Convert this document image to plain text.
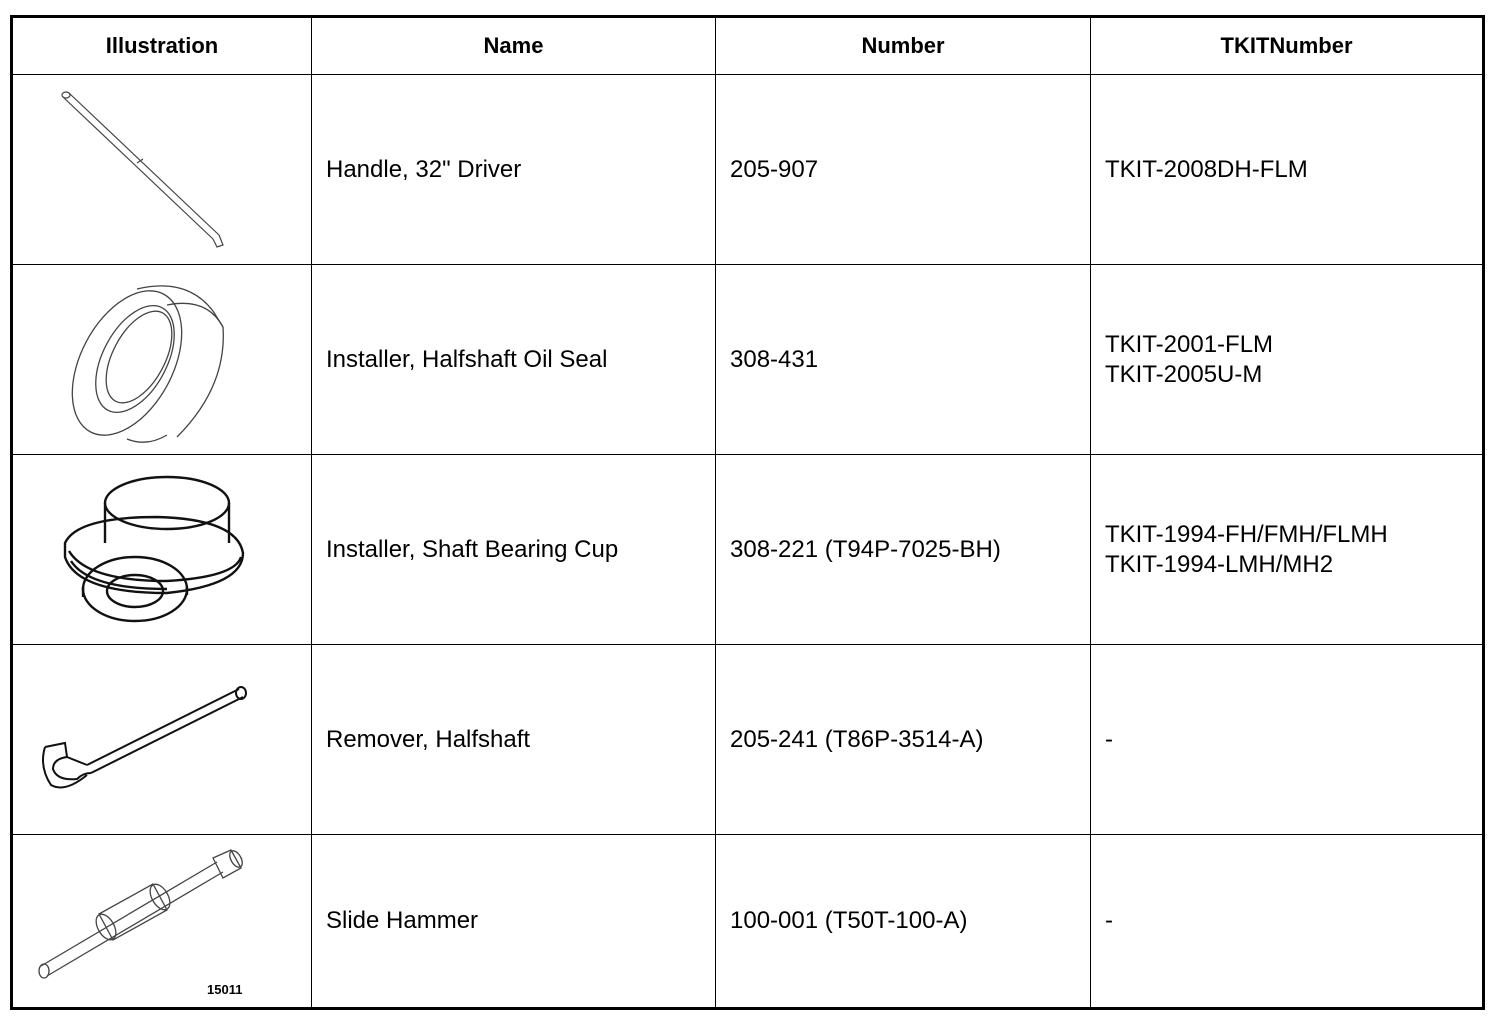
Illustration	Name	Number	TKITNumber

	Handle, 32" Driver	205-907	TKIT-2008DH-FLM

	Installer, Halfshaft Oil Seal	308-431	TKIT-2001-FLM
TKIT-2005U-M

	Installer, Shaft Bearing Cup	308-221 (T94P-7025-BH)	TKIT-1994-FH/FMH/FLMH
TKIT-1994-LMH/MH2

	Remover, Halfshaft	205-241 (T86P-3514-A)	-

15011	Slide Hammer	100-001 (T50T-100-A)	-
